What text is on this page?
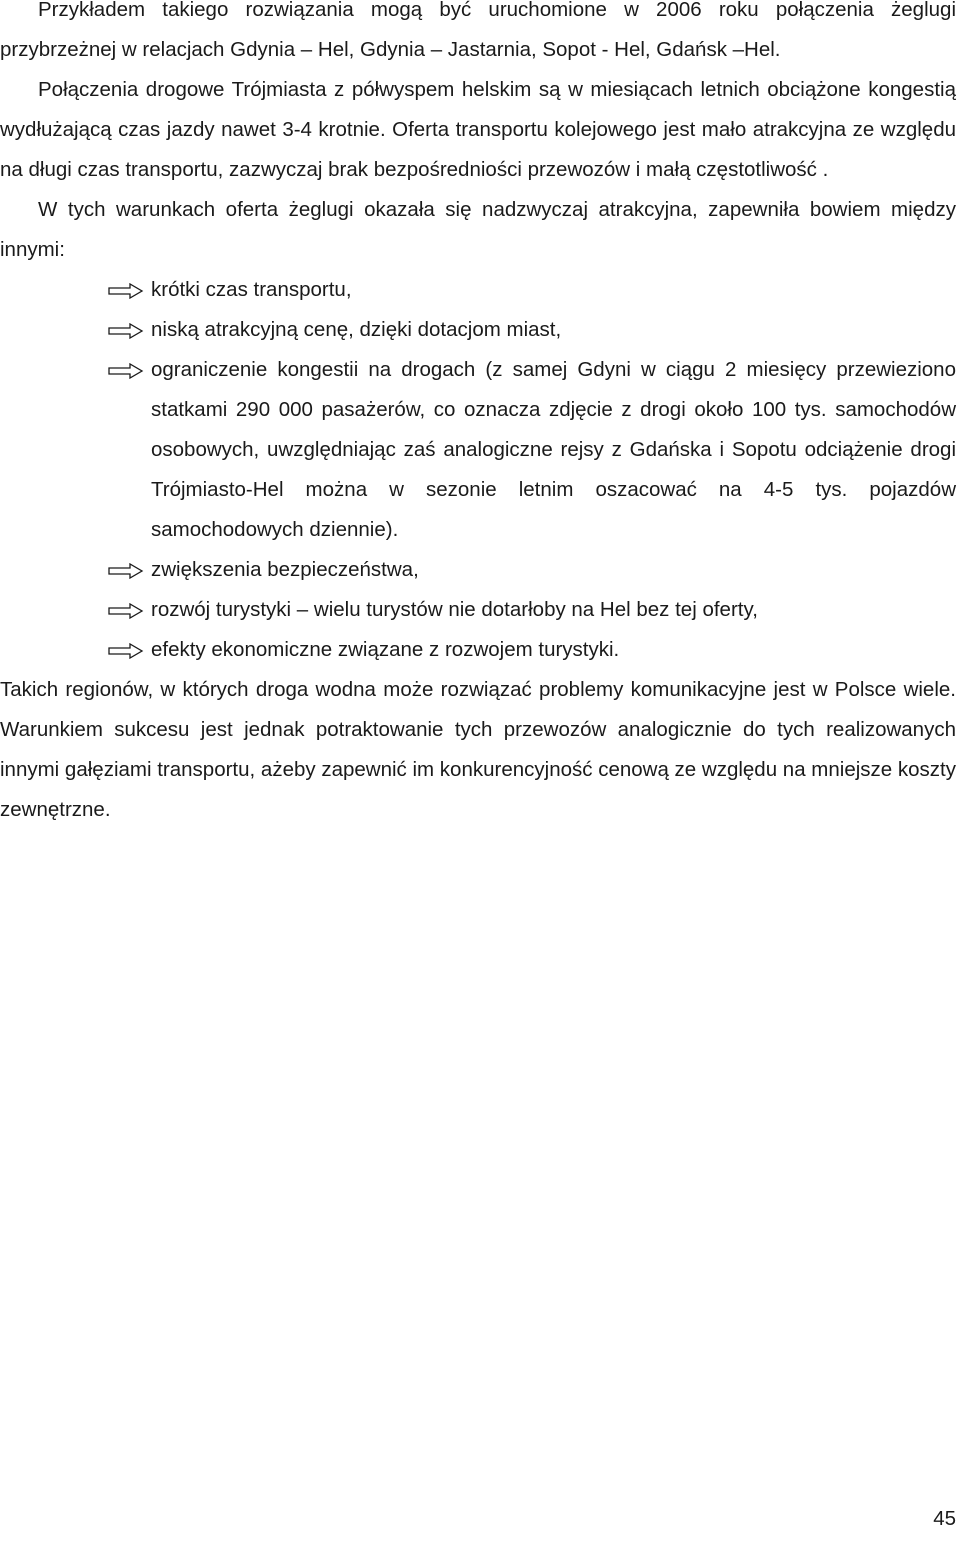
Przykładem takiego rozwiązania mogą być uruchomione w 2006 roku połączenia żeglugi przybrzeżnej w relacjach Gdynia – Hel, Gdynia – Jastarnia, Sopot - Hel, Gdańsk –Hel.

Połączenia drogowe Trójmiasta z półwyspem helskim są w miesiącach letnich obciążone kongestią wydłużającą czas jazdy nawet 3-4 krotnie. Oferta transportu kolejowego jest mało atrakcyjna ze względu na długi czas transportu, zazwyczaj brak bezpośredniości przewozów i małą częstotliwość .

W tych warunkach oferta żeglugi okazała się nadzwyczaj atrakcyjna, zapewniła bowiem między innymi:

krótki czas transportu,
niską atrakcyjną cenę, dzięki dotacjom miast,
ograniczenie kongestii na drogach (z samej Gdyni w ciągu 2 miesięcy przewieziono statkami 290 000 pasażerów, co oznacza zdjęcie z drogi około 100 tys. samochodów osobowych, uwzględniając zaś analogiczne rejsy z Gdańska i Sopotu odciążenie drogi Trójmiasto-Hel można w sezonie letnim oszacować na 4-5 tys. pojazdów samochodowych dziennie).
zwiększenia bezpieczeństwa,
rozwój turystyki – wielu turystów nie dotarłoby na Hel bez tej oferty,
efekty ekonomiczne związane z rozwojem turystyki.

Takich regionów, w których droga wodna może rozwiązać problemy komunikacyjne jest w Polsce wiele. Warunkiem sukcesu jest jednak potraktowanie tych przewozów analogicznie do tych realizowanych innymi gałęziami transportu, ażeby zapewnić im konkurencyjność cenową ze względu na mniejsze koszty zewnętrzne.

45
